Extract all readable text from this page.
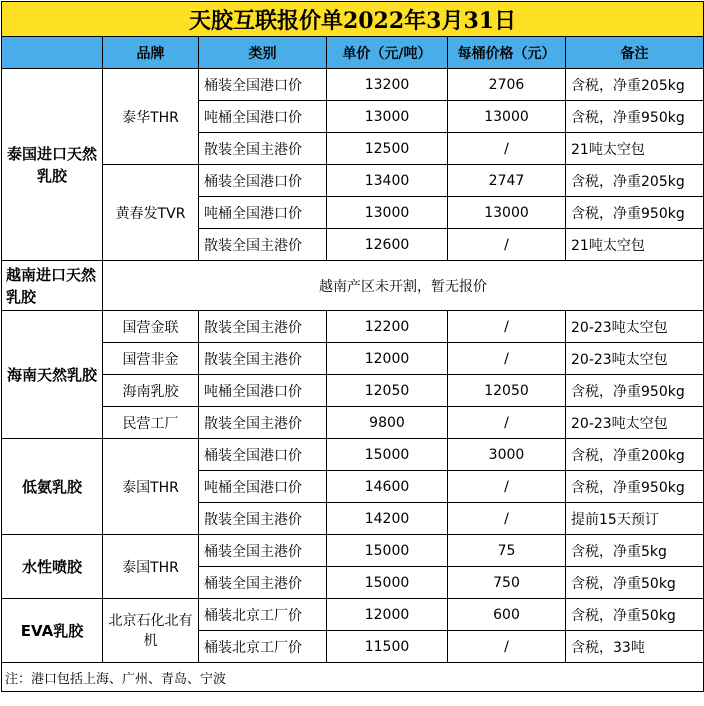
天胶互联报价单2022年3月31日					
	品牌	类别	单价（元/吨）	每桶价格（元）	备注
泰国进口天然乳胶	泰华THR	桶装全国港口价	13200	2706	含税，净重205kg
		吨桶全国港口价	13000	13000	含税，净重950kg
		散装全国主港价	12500	/	21吨太空包
	黄春发TVR	桶装全国港口价	13400	2747	含税，净重205kg
		吨桶全国港口价	13000	13000	含税，净重950kg
		散装全国主港价	12600	/	21吨太空包
越南进口天然乳胶	越南产区未开割，暂无报价				
海南天然乳胶	国营金联	散装全国主港价	12200	/	20-23吨太空包
	国营非金	散装全国主港价	12000	/	20-23吨太空包
	海南乳胶	吨桶全国港口价	12050	12050	含税，净重950kg
	民营工厂	散装全国主港价	9800	/	20-23吨太空包
低氨乳胶	泰国THR	桶装全国港口价	15000	3000	含税，净重200kg
		吨桶全国港口价	14600	/	含税，净重950kg
		散装全国主港价	14200	/	提前15天预订
水性喷胶	泰国THR	桶装全国主港价	15000	75	含税，净重5kg
		桶装全国主港价	15000	750	含税，净重50kg
EVA乳胶	北京石化北有机	桶装北京工厂价	12000	600	含税，净重50kg
		桶装北京工厂价	11500	/	含税，33吨
注：港口包括上海、广州、青岛、宁波					
